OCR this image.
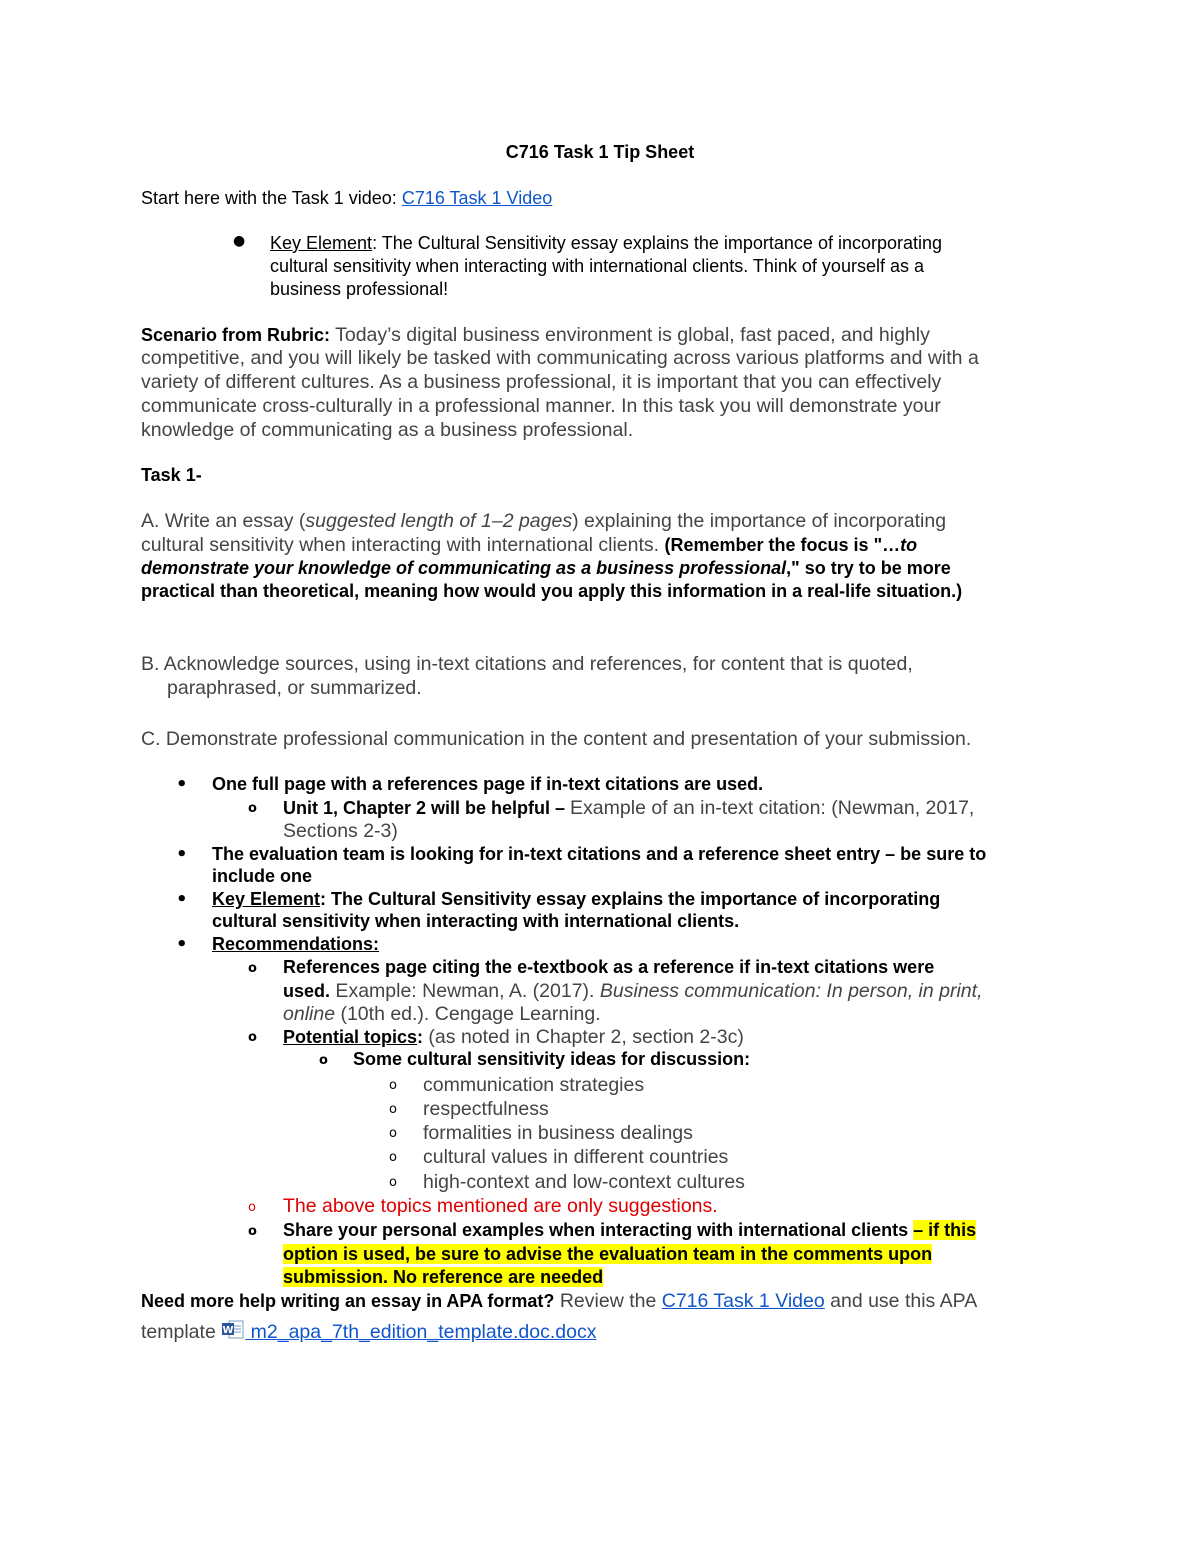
C716 Task 1 Tip Sheet
Start here with the Task 1 video: C716 Task 1 Video
● Key Element: The Cultural Sensitivity essay explains the importance of incorporating
cultural sensitivity when interacting with international clients. Think of yourself as a
business professional!
Scenario from Rubric: Today’s digital business environment is global, fast paced, and highly
competitive, and you will likely be tasked with communicating across various platforms and with a
variety of different cultures. As a business professional, it is important that you can effectively
communicate cross-culturally in a professional manner. In this task you will demonstrate your
knowledge of communicating as a business professional.
Task 1-
A. Write an essay (suggested length of 1–2 pages) explaining the importance of incorporating
cultural sensitivity when interacting with international clients. (Remember the focus is "…to
demonstrate your knowledge of communicating as a business professional," so try to be more
practical than theoretical, meaning how would you apply this information in a real-life situation.)
B. Acknowledge sources, using in-text citations and references, for content that is quoted,
paraphrased, or summarized.
C. Demonstrate professional communication in the content and presentation of your submission.
• One full page with a references page if in-text citations are used.
o Unit 1, Chapter 2 will be helpful – Example of an in-text citation: (Newman, 2017,
Sections 2-3)
• The evaluation team is looking for in-text citations and a reference sheet entry – be sure to
include one
• Key Element: The Cultural Sensitivity essay explains the importance of incorporating
cultural sensitivity when interacting with international clients.
• Recommendations:
o References page citing the e-textbook as a reference if in-text citations were
used. Example: Newman, A. (2017). Business communication: In person, in print,
online (10th ed.). Cengage Learning.
o Potential topics: (as noted in Chapter 2, section 2-3c)
o Some cultural sensitivity ideas for discussion:
o communication strategies
o respectfulness
o formalities in business dealings
o cultural values in different countries
o high-context and low-context cultures
o The above topics mentioned are only suggestions.
o Share your personal examples when interacting with international clients – if this
option is used, be sure to advise the evaluation team in the comments upon
submission. No reference are needed
Need more help writing an essay in APA format? Review the C716 Task 1 Video and use this APA
template W m2_apa_7th_edition_template.doc.docx
